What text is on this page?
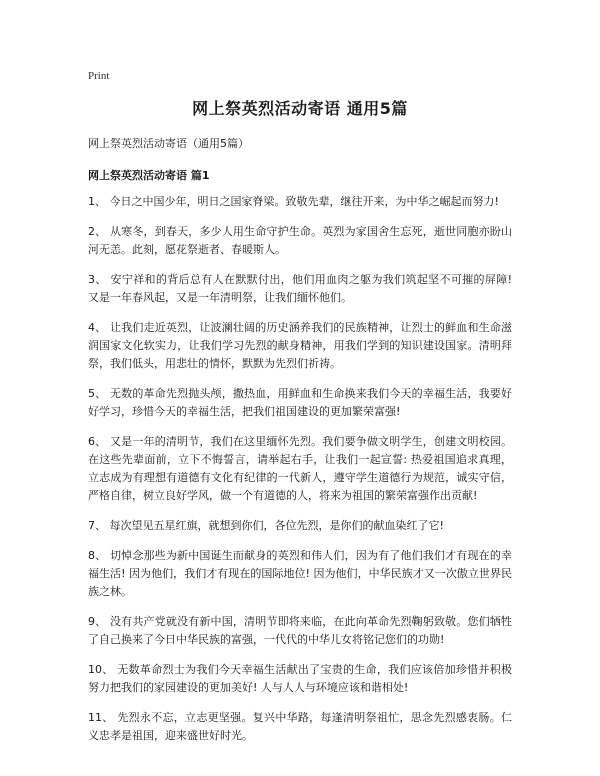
Print
网上祭英烈活动寄语 通用5篇

网上祭英烈活动寄语（通用5篇）

网上祭英烈活动寄语 篇1

1、 今日之中国少年，明日之国家脊梁。致敬先辈，继往开来，为中华之崛起而努力!

2、 从寒冬，到春天，多少人用生命守护生命。英烈为家国舍生忘死，逝世同胞亦盼山河无恙。此刻，愿花祭逝者、春暖斯人。

3、 安宁祥和的背后总有人在默默付出，他们用血肉之躯为我们筑起坚不可摧的屏障! 又是一年春风起，又是一年清明祭，让我们缅怀他们。

4、 让我们走近英烈，让波澜壮阔的历史涵养我们的民族精神，让烈士的鲜血和生命滋润国家文化软实力，让我们学习先烈的献身精神，用我们学到的知识建设国家。清明拜祭，我们低头，用悲壮的情怀，默默为先烈们祈祷。

5、 无数的革命先烈抛头颅，撒热血，用鲜血和生命换来我们今天的幸福生活，我要好好学习，珍惜今天的幸福生活，把我们祖国建设的更加繁荣富强!

6、 又是一年的清明节，我们在这里缅怀先烈。我们要争做文明学生，创建文明校园。在这些先辈面前，立下不悔誓言，请举起右手，让我们一起宣誓: 热爱祖国追求真理，立志成为有理想有道德有文化有纪律的一代新人，遵守学生道德行为规范，诚实守信，严格自律，树立良好学风，做一个有道德的人，将来为祖国的繁荣富强作出贡献!

7、 每次望见五星红旗，就想到你们，各位先烈，是你们的献血染红了它!

8、 切悼念那些为新中国诞生而献身的英烈和伟人们，因为有了他们我们才有现在的幸福生活! 因为他们，我们才有现在的国际地位! 因为他们，中华民族才又一次傲立世界民族之林。

9、 没有共产党就没有新中国，清明节即将来临，在此向革命先烈鞠躬致敬。您们牺牲了自己换来了今日中华民族的富强，一代代的中华儿女将铭记您们的功勋!

10、 无数革命烈士为我们今天幸福生活献出了宝贵的生命，我们应该倍加珍惜并积极努力把我们的家园建设的更加美好! 人与人人与环境应该和谐相处!

11、 先烈永不忘，立志更坚强。复兴中华路，每逢清明祭祖忙，思念先烈感衷肠。仁义忠孝是祖国，迎来盛世好时光。
